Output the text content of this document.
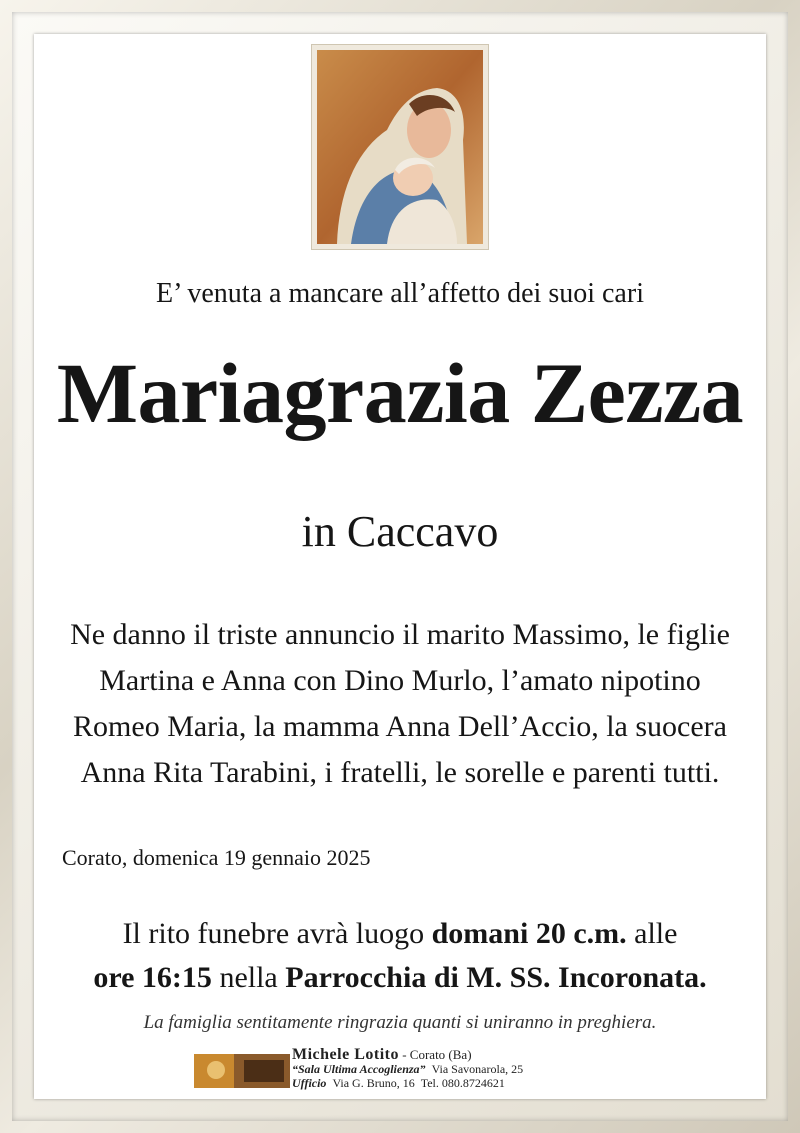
E’ venuta a mancare all’affetto dei suoi cari
Mariagrazia Zezza
in Caccavo
Ne danno il triste annuncio il marito Massimo, le figlie
Martina e Anna con Dino Murlo, l’amato nipotino
Romeo Maria, la mamma Anna Dell’Accio, la suocera
Anna Rita Tarabini, i fratelli, le sorelle e parenti tutti.
Corato, domenica 19 gennaio 2025
Il rito funebre avrà luogo domani 20 c.m. alle
ore 16:15 nella Parrocchia di M. SS. Incoronata.
La famiglia sentitamente ringrazia quanti si uniranno in preghiera.
Michele Lotito - Corato (Ba)
“Sala Ultima Accoglienza” Via Savonarola, 25
Ufficio Via G. Bruno, 16 Tel. 080.8724621
